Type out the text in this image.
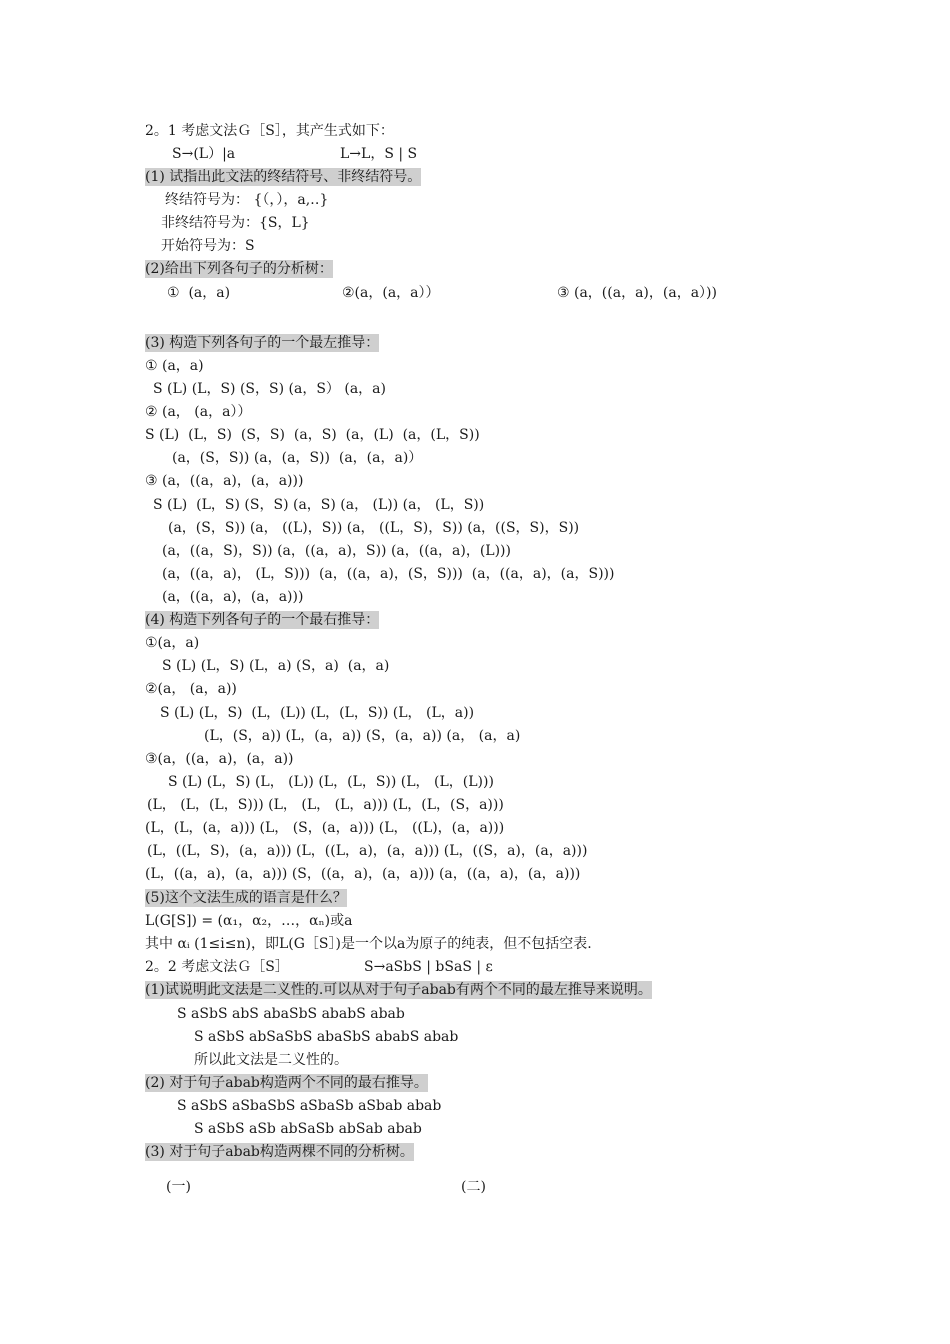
2。1 考虑文法Ｇ［S］，其产生式如下：
S→(L）|a	L→L，S | S
(1) 试指出此文法的终结符号、非终结符号。
终结符号为： {（，），a,‥}
非终结符号为：{S，L}
开始符号为：S
(2)给出下列各句子的分析树：
①  (a，a)	②(a，(a，a））	③ (a，((a，a)，(a，a）))
(3) 构造下列各句子的一个最左推导：
① (a，a)
S (L) (L，S) (S，S) (a，S） (a，a)
② (a， (a，a））
S (L)  (L，S)  (S，S)  (a，S)  (a，(L)  (a，(L，S))
(a，(S，S)) (a，(a，S))  (a，(a，a)）
③ (a，((a，a)，(a，a)))
S (L)  (L，S) (S，S) (a，S) (a， (L)) (a， (L，S))
(a，(S，S)) (a， ((L)，S)) (a， ((L，S)，S)) (a，((S，S)，S))
(a，((a，S)，S)) (a，((a，a)，S)) (a，((a，a)，(L)))
(a，((a，a)， (L，S)))  (a，((a，a)，(S，S)))  (a，((a，a)，(a，S)))
(a，((a，a)，(a，a)))
(4) 构造下列各句子的一个最右推导：
①(a，a)
S (L) (L，S) (L，a) (S，a)  (a，a)
②(a， (a，a))
S (L) (L，S)  (L，(L)) (L，(L，S)) (L， (L，a))
(L，(S，a)) (L，(a，a)) (S，(a，a)) (a， (a，a)
③(a，((a，a)，(a，a))
S (L) (L，S) (L， (L)) (L，(L，S)) (L， (L，(L)))
(L， (L，(L，S))) (L， (L， (L，a))) (L，(L，(S，a)))
(L，(L，(a，a))) (L， (S，(a，a))) (L， ((L)，(a，a)))
(L，((L，S)，(a，a))) (L，((L，a)，(a，a))) (L，((S，a)，(a，a)))
(L，((a，a)，(a，a))) (S，((a，a)，(a，a))) (a，((a，a)，(a，a)))
(5)这个文法生成的语言是什么？
L(G[S]) = (α₁，α₂，…，αₙ)或a
其中 αᵢ (1≤i≤n)，即L(G［S］)是一个以a为原子的纯表，但不包括空表.
2。2 考虑文法Ｇ［S］	S→aSbS | bSaS | ε
(1)试说明此文法是二义性的.可以从对于句子abab有两个不同的最左推导来说明。
S aSbS abS abaSbS ababS abab
S aSbS abSaSbS abaSbS ababS abab
所以此文法是二义性的。
(2) 对于句子abab构造两个不同的最右推导。
S aSbS aSbaSbS aSbaSb aSbab abab
S aSbS aSb abSaSb abSab abab
(3) 对于句子abab构造两棵不同的分析树。
(一)	(二)
